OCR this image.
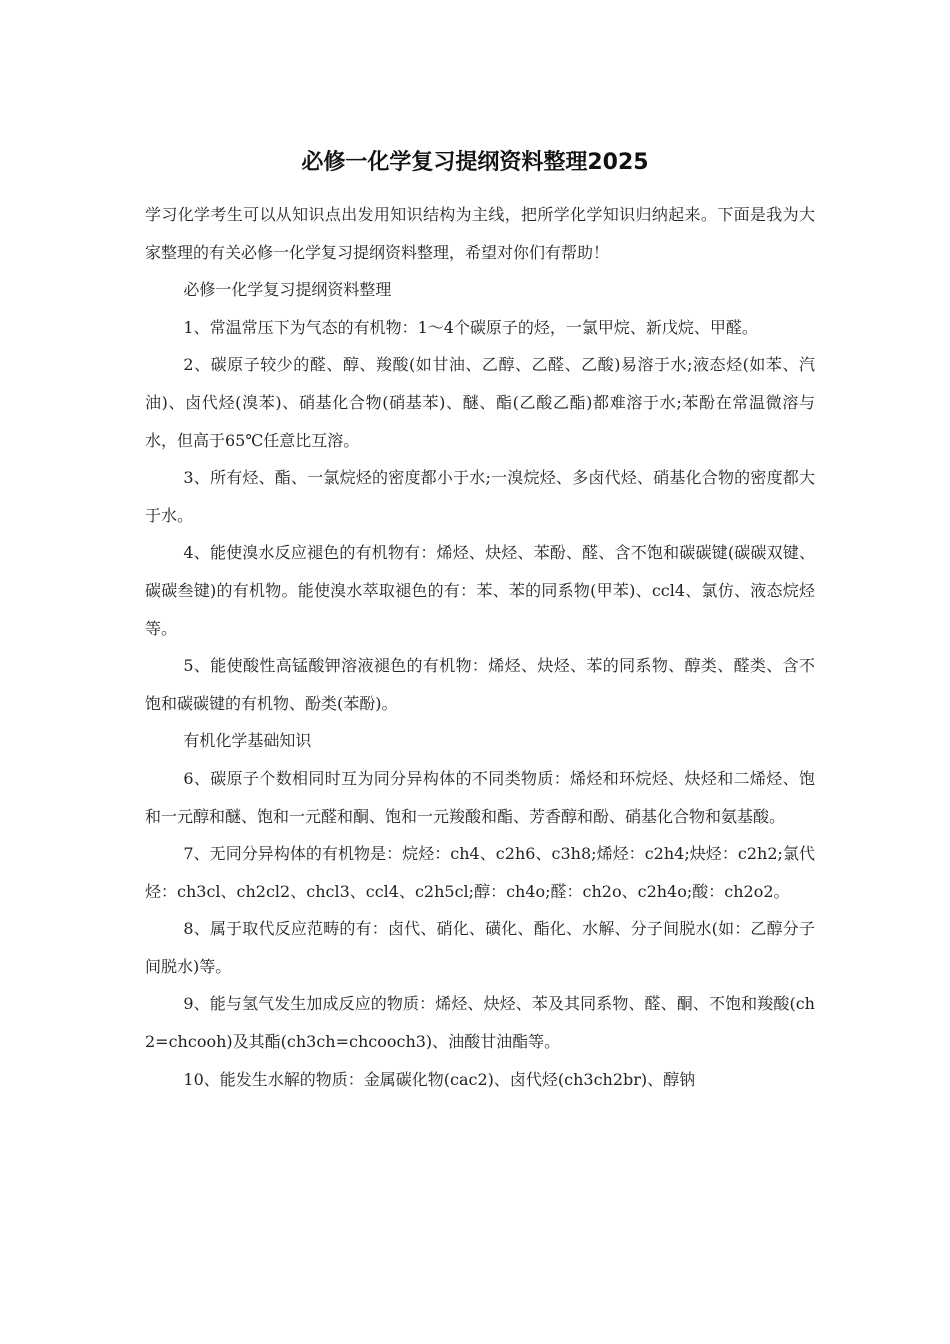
必修一化学复习提纲资料整理2025

学习化学考生可以从知识点出发用知识结构为主线，把所学化学知识归纳起来。下面是我为大家整理的有关必修一化学复习提纲资料整理，希望对你们有帮助！

必修一化学复习提纲资料整理

1、常温常压下为气态的有机物：1～4个碳原子的烃，一氯甲烷、新戊烷、甲醛。

2、碳原子较少的醛、醇、羧酸(如甘油、乙醇、乙醛、乙酸)易溶于水;液态烃(如苯、汽油)、卤代烃(溴苯)、硝基化合物(硝基苯)、醚、酯(乙酸乙酯)都难溶于水;苯酚在常温微溶与水，但高于65℃任意比互溶。

3、所有烃、酯、一氯烷烃的密度都小于水;一溴烷烃、多卤代烃、硝基化合物的密度都大于水。

4、能使溴水反应褪色的有机物有：烯烃、炔烃、苯酚、醛、含不饱和碳碳键(碳碳双键、碳碳叁键)的有机物。能使溴水萃取褪色的有：苯、苯的同系物(甲苯)、ccl4、氯仿、液态烷烃等。

5、能使酸性高锰酸钾溶液褪色的有机物：烯烃、炔烃、苯的同系物、醇类、醛类、含不饱和碳碳键的有机物、酚类(苯酚)。

有机化学基础知识

6、碳原子个数相同时互为同分异构体的不同类物质：烯烃和环烷烃、炔烃和二烯烃、饱和一元醇和醚、饱和一元醛和酮、饱和一元羧酸和酯、芳香醇和酚、硝基化合物和氨基酸。

7、无同分异构体的有机物是：烷烃：ch4、c2h6、c3h8;烯烃：c2h4;炔烃：c2h2;氯代烃：ch3cl、ch2cl2、chcl3、ccl4、c2h5cl;醇：ch4o;醛：ch2o、c2h4o;酸：ch2o2。

8、属于取代反应范畴的有：卤代、硝化、磺化、酯化、水解、分子间脱水(如：乙醇分子间脱水)等。

9、能与氢气发生加成反应的物质：烯烃、炔烃、苯及其同系物、醛、酮、不饱和羧酸(ch2=chcooh)及其酯(ch3ch=chcooch3)、油酸甘油酯等。

10、能发生水解的物质：金属碳化物(cac2)、卤代烃(ch3ch2br)、醇钠
